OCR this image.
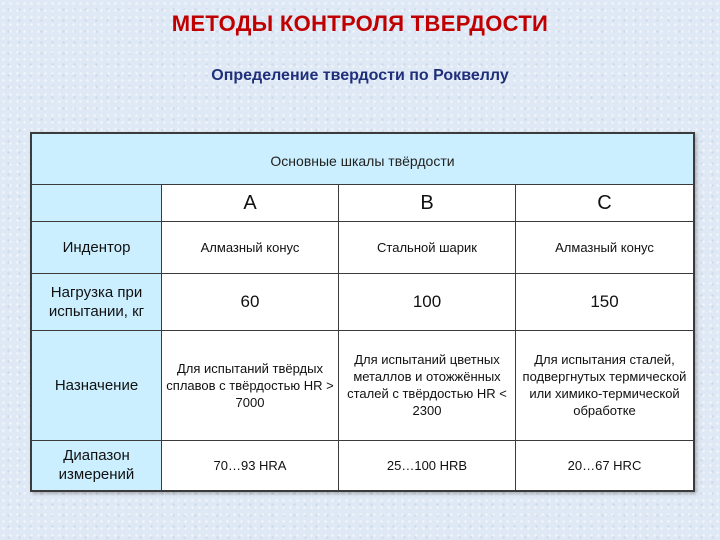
МЕТОДЫ КОНТРОЛЯ ТВЕРДОСТИ
Определение твердости по Роквеллу
Основные шкалы твёрдости			
	A	B	C
Индентор	Алмазный конус	Стальной шарик	Алмазный конус
Нагрузка при испытании, кг	60	100	150
Назначение	Для испытаний твёрдых сплавов с твёрдостью HR > 7000	Для испытаний цветных металлов и отожжённых сталей с твёрдостью HR < 2300	Для испытания сталей, подвергнутых термической или химико-термической обработке
Диапазон измерений	70…93 HRA	25…100 HRB	20…67 HRC
